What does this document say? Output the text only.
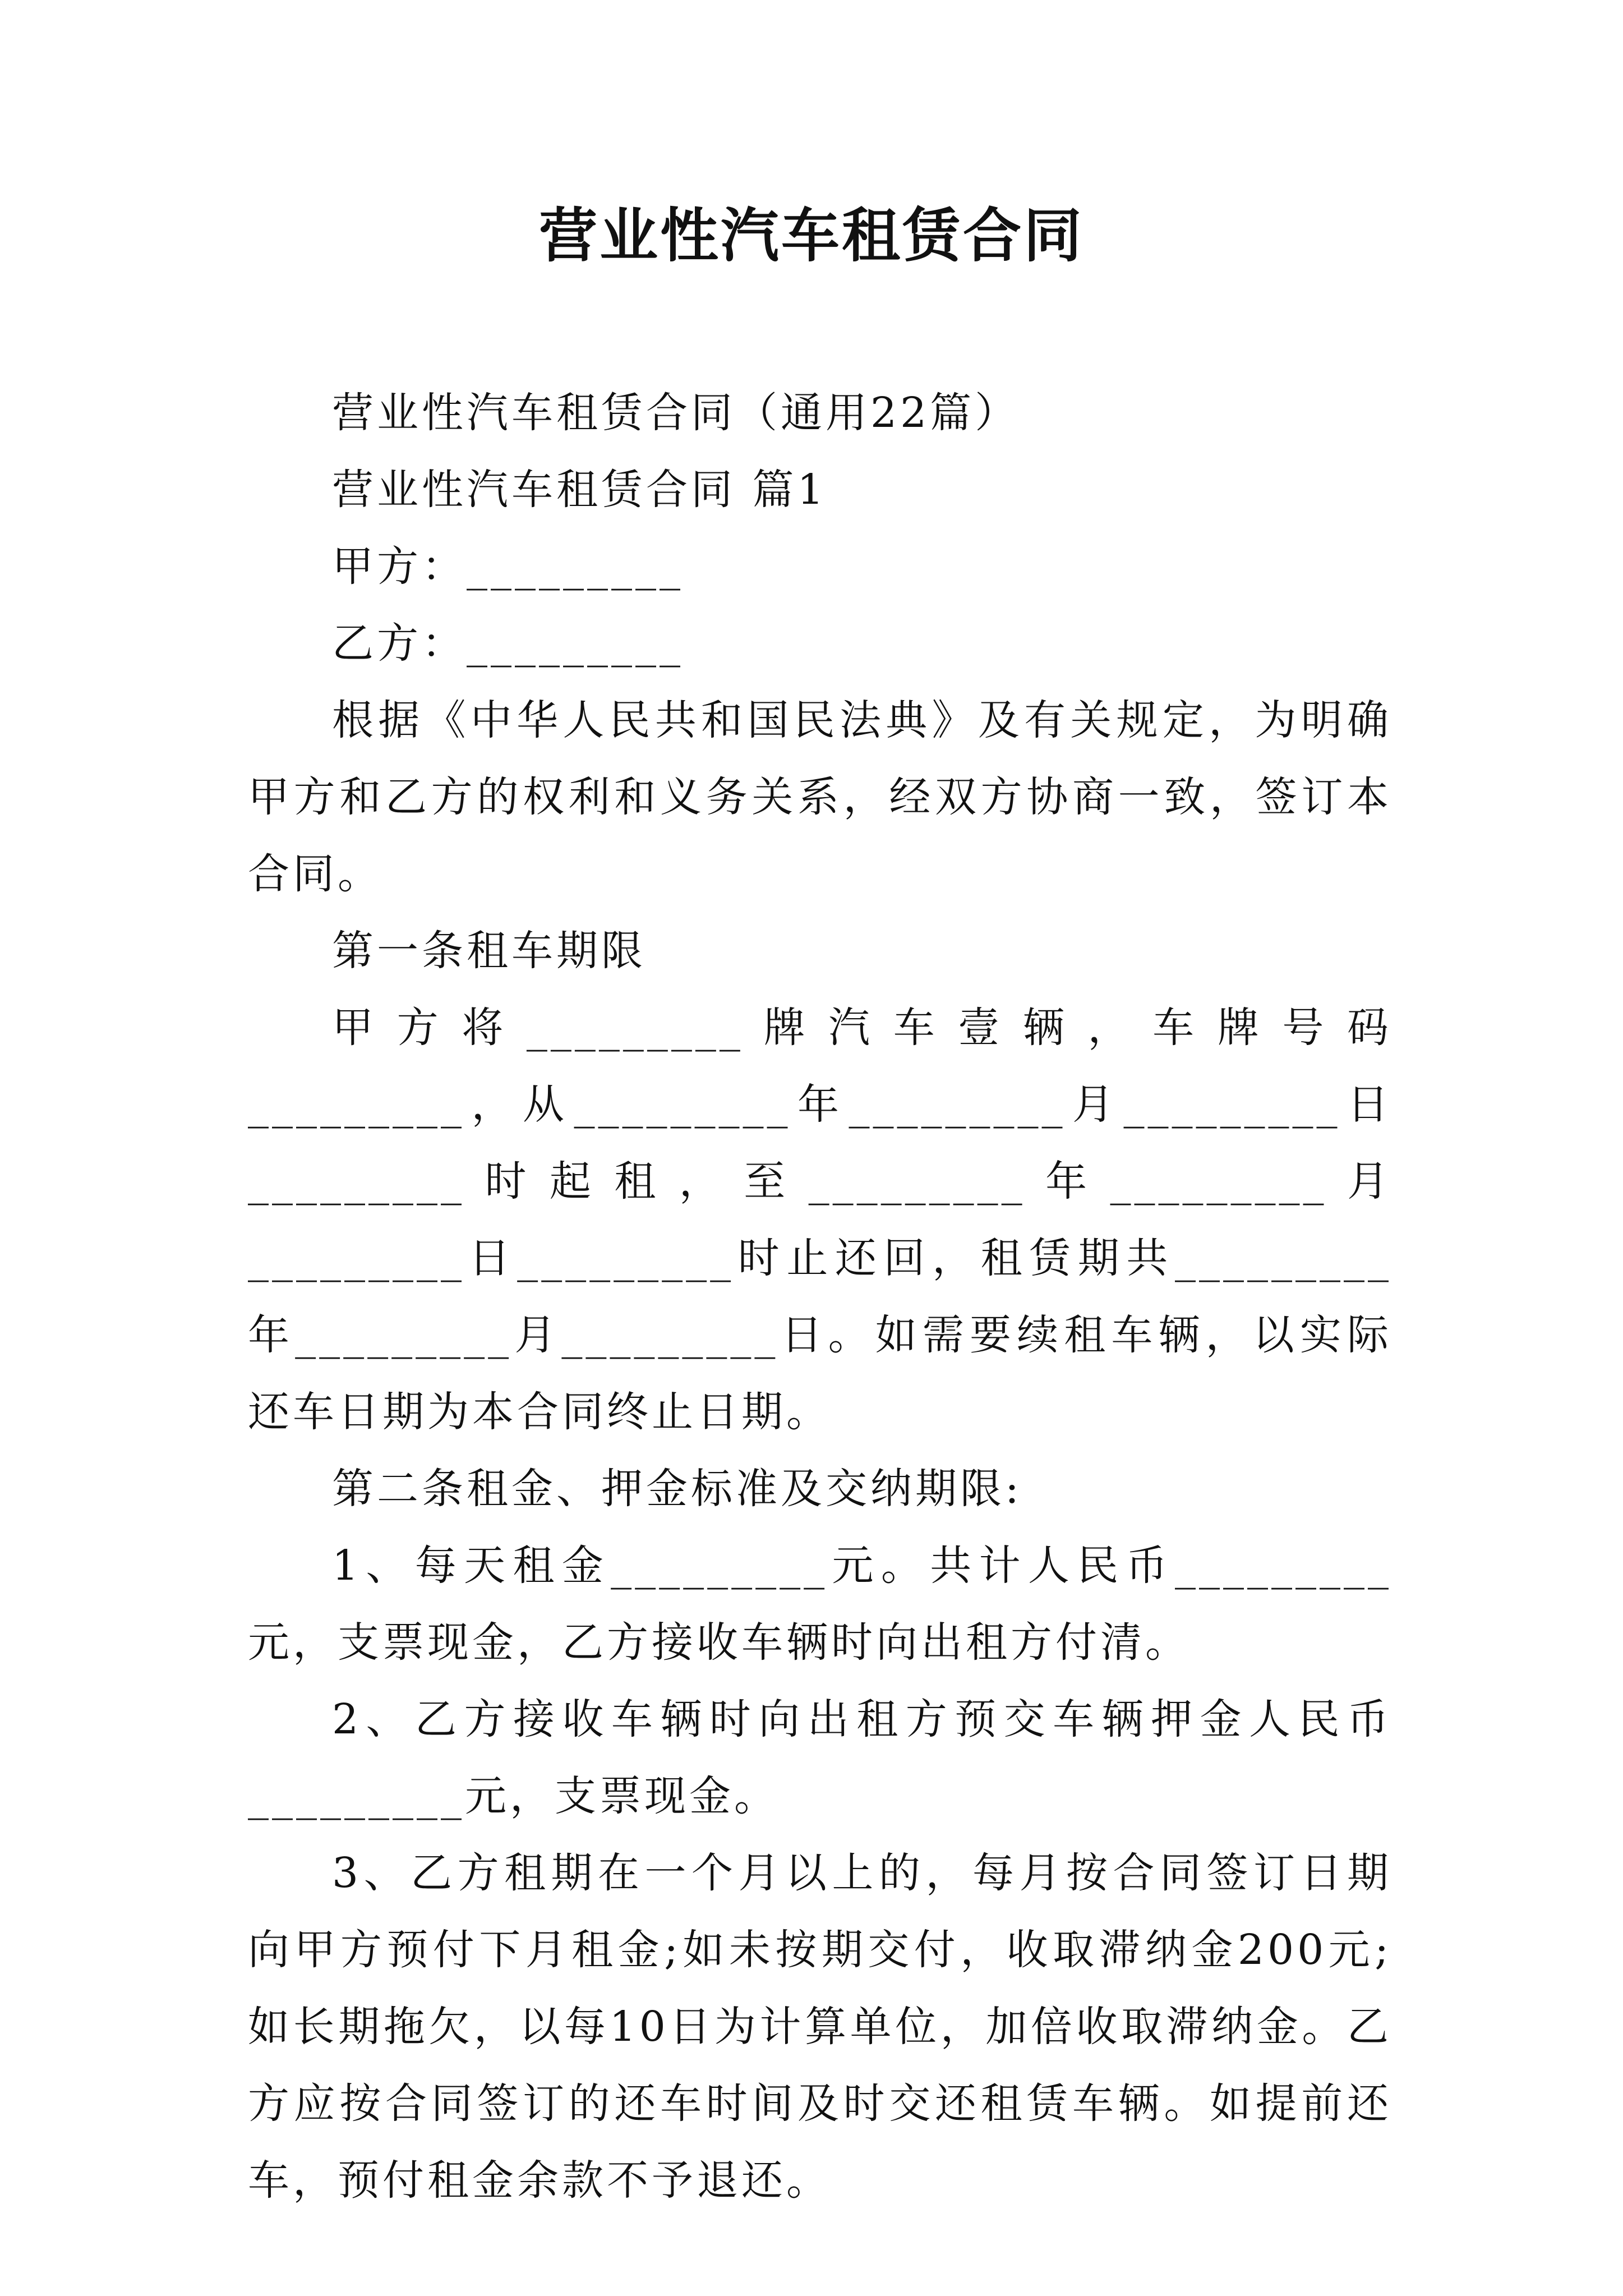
营业性汽车租赁合同

营业性汽车租赁合同（通用22篇）

营业性汽车租赁合同 篇1

甲方：_________

乙方：_________

根据《中华人民共和国民法典》及有关规定，为明确甲方和乙方的权利和义务关系，经双方协商一致，签订本合同。

第一条租车期限

甲方将_________牌汽车壹辆，车牌号码_________，从_________年_________月_________日_________时起租，至_________年_________月_________日_________时止还回，租赁期共_________年_________月_________日。如需要续租车辆，以实际还车日期为本合同终止日期。

第二条租金、押金标准及交纳期限:

1、每天租金_________元。共计人民币_________元，支票现金，乙方接收车辆时向出租方付清。

2、乙方接收车辆时向出租方预交车辆押金人民币_________元，支票现金。

3、乙方租期在一个月以上的，每月按合同签订日期向甲方预付下月租金;如未按期交付，收取滞纳金200元;如长期拖欠，以每10日为计算单位，加倍收取滞纳金。乙方应按合同签订的还车时间及时交还租赁车辆。如提前还车，预付租金余款不予退还。
